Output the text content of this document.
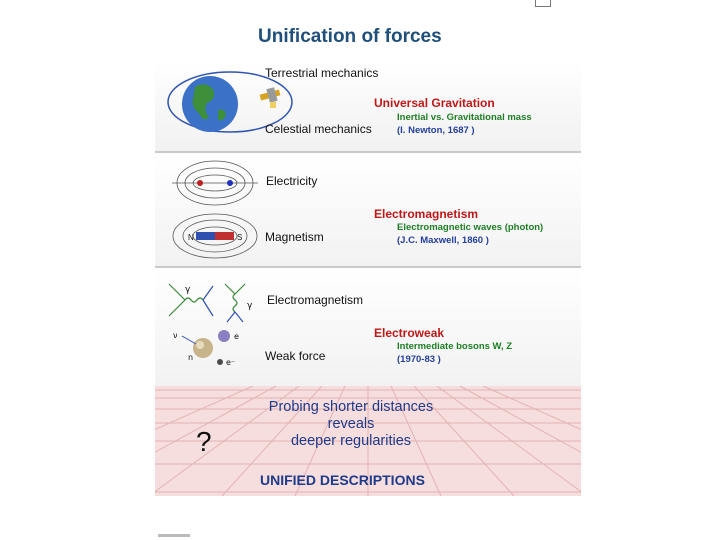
Unification of forces
Terrestrial mechanics
Celestial mechanics
Universal Gravitation
Inertial vs. Gravitational mass
(I. Newton, 1687 )
N	S
Electricity
Magnetism
Electromagnetism
Electromagnetic waves (photon)
(J.C. Maxwell, 1860 )
γ
γ
ν	e
n
e⁻
Electromagnetism
Weak force
Electroweak
Intermediate bosons W, Z
(1970-83 )
?
Probing shorter distances
reveals
deeper regularities
UNIFIED DESCRIPTIONS
